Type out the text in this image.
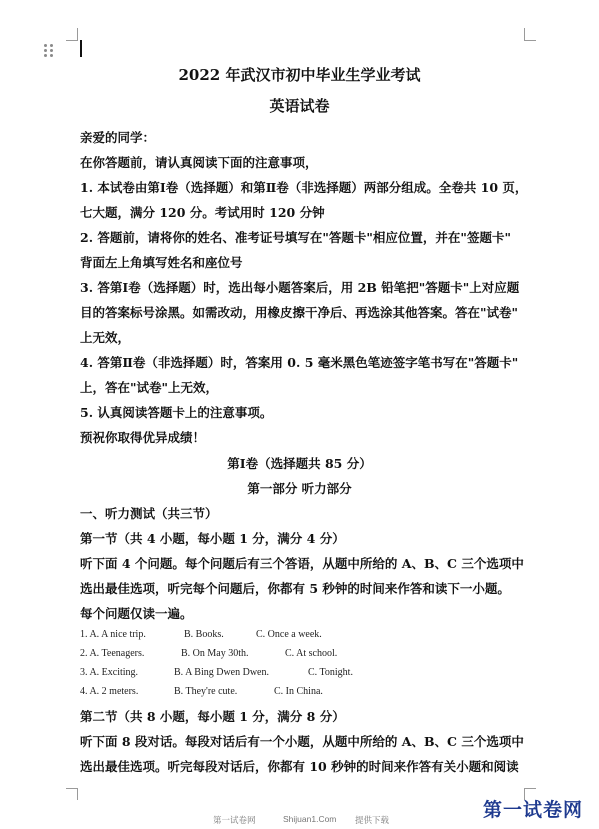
2022 年武汉市初中毕业生学业考试
英语试卷
亲爱的同学：
在你答题前，请认真阅读下面的注意事项，
1. 本试卷由第Ⅰ卷（选择题）和第Ⅱ卷（非选择题）两部分组成。全卷共 10 页，
七大题，满分 120 分。考试用时 120 分钟
2. 答题前，请将你的姓名、准考证号填写在"答题卡"相应位置，并在"签题卡"
背面左上角填写姓名和座位号
3. 答第Ⅰ卷（选择题）时，选出每小题答案后，用 2B 铅笔把"答题卡"上对应题
目的答案标号涂黑。如需改动，用橡皮擦干净后、再选涂其他答案。答在"试卷"
上无效，
4. 答第Ⅱ卷（非选择题）时，答案用 0. 5 毫米黑色笔迹签字笔书写在"答题卡"
上，答在"试卷"上无效，
5. 认真阅读答题卡上的注意事项。
预祝你取得优异成绩！
第Ⅰ卷（选择题共 85 分）
第一部分 听力部分
一、听力测试（共三节）
第一节（共 4 小题，每小题 1 分，满分 4 分）
听下面 4 个问题。每个问题后有三个答语，从题中所给的 A、B、C 三个选项中
选出最佳选项，听完每个问题后，你都有 5 秒钟的时间来作答和读下一小题。
每个问题仅读一遍。
1. A. A nice trip.	B. Books.	C. Once a week.
2. A. Teenagers.	B. On May 30th.	C. At school.
3. A. Exciting.	B. A Bing Dwen Dwen.	C. Tonight.
4. A. 2 meters.	B. They're cute.	C. In China.
第二节（共 8 小题，每小题 1 分，满分 8 分）
听下面 8 段对话。每段对话后有一个小题，从题中所给的 A、B、C 三个选项中
选出最佳选项。听完每段对话后，你都有 10 秒钟的时间来作答有关小题和阅读
第一试卷网	Shijuan1.Com 提供下载	第一试卷网
